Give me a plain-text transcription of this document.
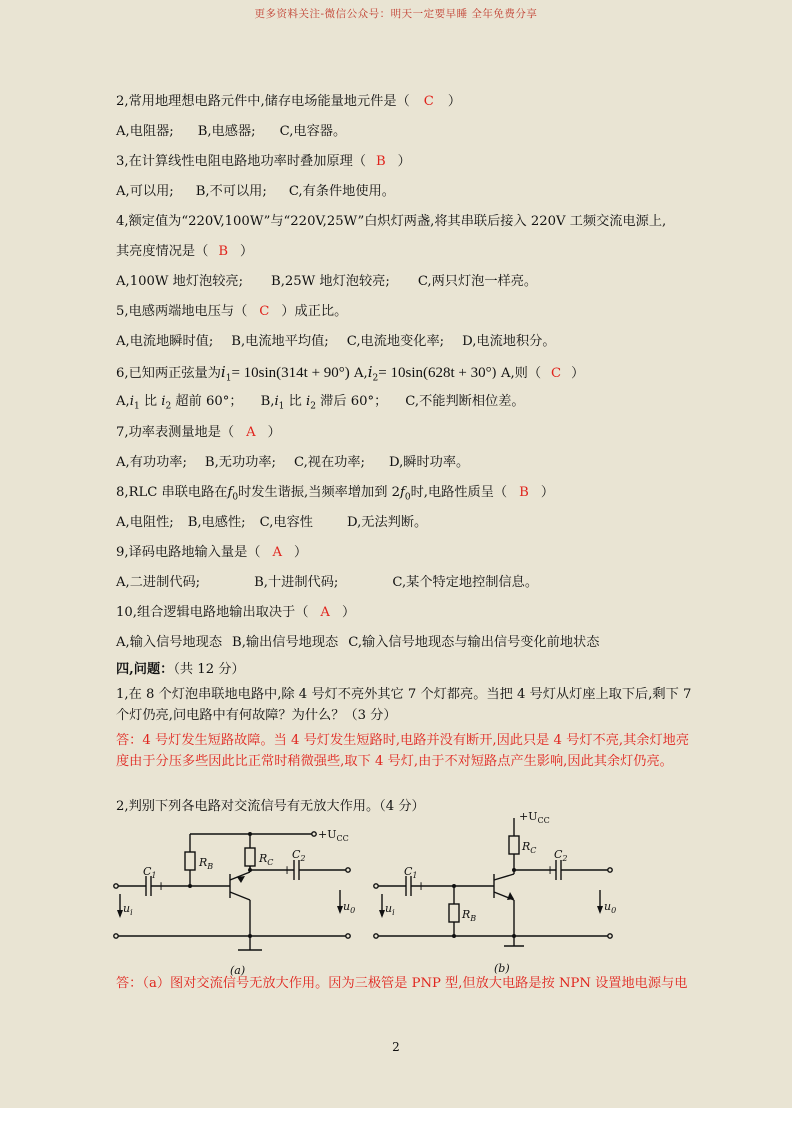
更多资料关注-微信公众号：明天一定要早睡 全年免费分享
2,常用地理想电路元件中,储存电场能量地元件是（ C ）
A,电阻器; B,电感器; C,电容器。
3,在计算线性电阻电路地功率时叠加原理（ B ）
A,可以用; B,不可以用; C,有条件地使用。
4,额定值为“220V,100W”与“220V,25W”白炽灯两盏,将其串联后接入 220V 工频交流电源上,
其亮度情况是（ B ）
A,100W 地灯泡较亮; B,25W 地灯泡较亮; C,两只灯泡一样亮。
5,电感两端地电压与（ C ）成正比。
A,电流地瞬时值; B,电流地平均值; C,电流地变化率; D,电流地积分。
6,已知两正弦量为$i_1= 10\sin(314t + 90^\circ)$ $A,i_2= 10\sin(628t + 30^\circ)$ A,则（ C ）
$A,i_1$ 比 $i_2$ 超前 60°； $B,i_1$ 比 $i_2$ 滞后 60°； C,不能判断相位差。
7,功率表测量地是（ A ）
A,有功功率; B,无功功率; C,视在功率; D,瞬时功率。
8,RLC 串联电路在$f_0$时发生谐振,当频率增加到 $2f_0$时,电路性质呈（ B ）
A,电阻性; B,电感性; C,电容性	D,无法判断。
9,译码电路地输入量是（ A ）
A,二进制代码;	B,十进制代码;	C,某个特定地控制信息。
10,组合逻辑电路地输出取决于（ A ）
A,输入信号地现态 B,输出信号地现态 C,输入信号地现态与输出信号变化前地状态
四,问题：（共 12 分）
1,在 8 个灯泡串联地电路中,除 4 号灯不亮外其它 7 个灯都亮。当把 4 号灯从灯座上取下后,剩下 7 个灯仍亮,问电路中有何故障？为什么？（3 分）
答：4 号灯发生短路故障。当 4 号灯发生短路时,电路并没有断开,因此只是 4 号灯不亮,其余灯地亮度由于分压多些因此比正常时稍微强些,取下 4 号灯,由于不对短路点产生影响,因此其余灯仍亮。
2,判别下列各电路对交流信号有无放大作用。（4 分）
$+U_{CC}$
$R_B$
$R_C$
$C_1$
$C_2$
$u_i$	$u_0$
(a)
$+U_{CC}$
$R_B$
$R_C$
$C_1$
$C_2$
$u_i$	$u_0$
(b)
+
+
+
+
答：（a）图对交流信号无放大作用。因为三极管是 PNP 型,但放大电路是按 NPN 设置地电源与电
2
